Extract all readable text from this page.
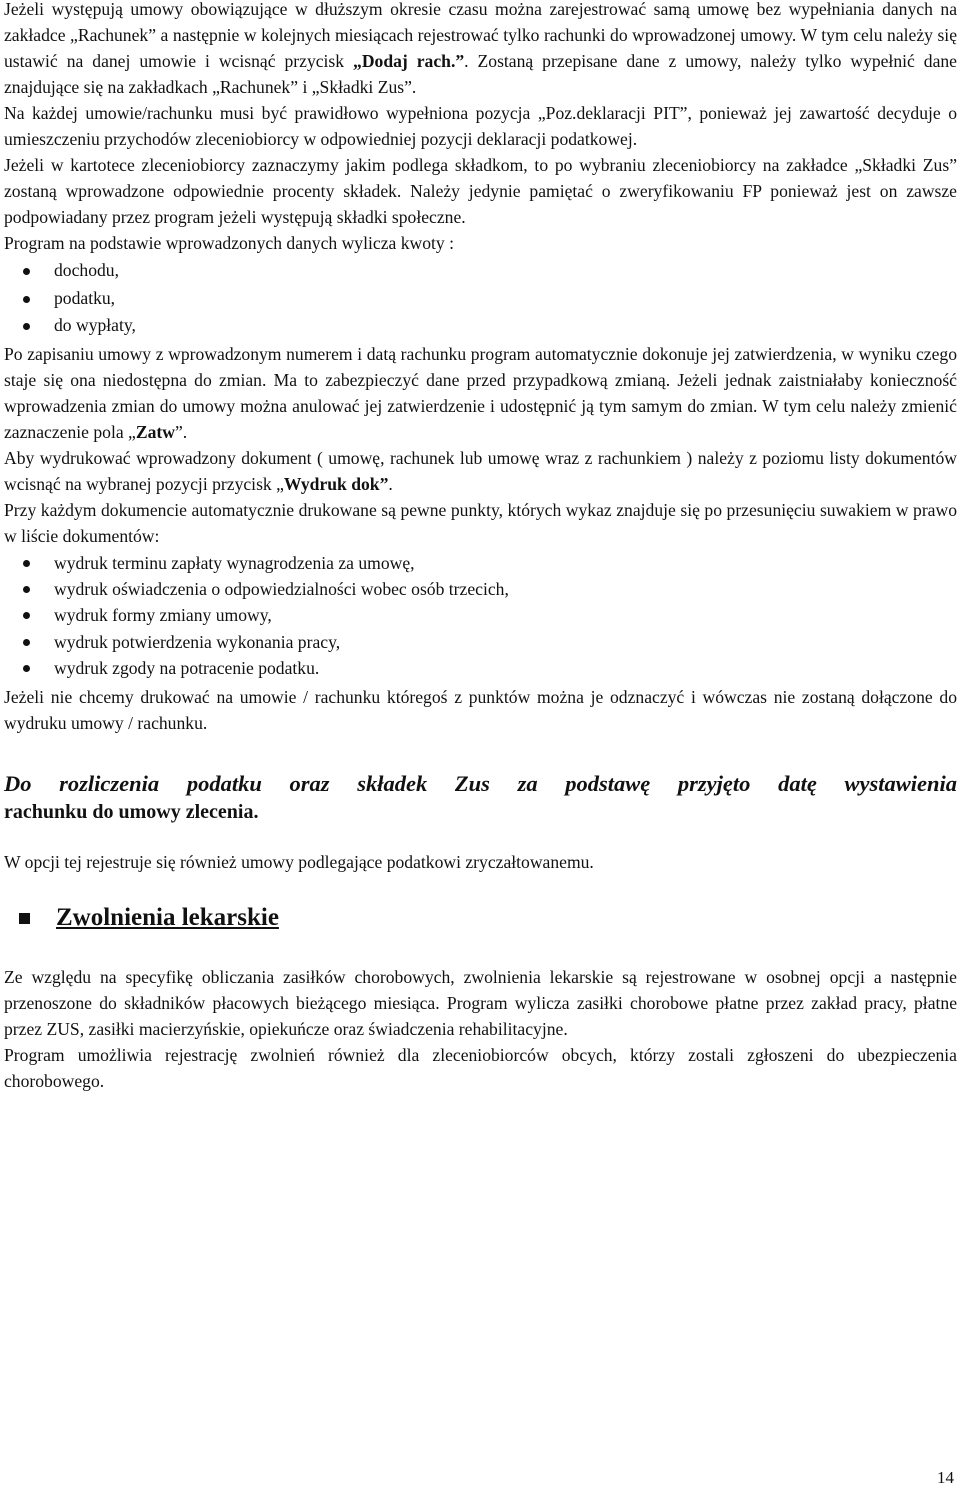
Jeżeli występują umowy obowiązujące w dłuższym okresie czasu można zarejestrować samą umowę bez wypełniania danych na zakładce „Rachunek” a następnie w kolejnych miesiącach rejestrować tylko rachunki do wprowadzonej umowy. W tym celu należy się ustawić na danej umowie i wcisnąć przycisk „Dodaj rach.”. Zostaną przepisane dane z umowy, należy tylko wypełnić dane znajdujące się na zakładkach „Rachunek” i „Składki Zus”.

Na każdej umowie/rachunku musi być prawidłowo wypełniona pozycja „Poz.deklaracji PIT”, ponieważ jej zawartość decyduje o umieszczeniu przychodów zleceniobiorcy w odpowiedniej pozycji deklaracji podatkowej.

Jeżeli w kartotece zleceniobiorcy zaznaczymy jakim podlega składkom, to po wybraniu zleceniobiorcy na zakładce „Składki Zus” zostaną wprowadzone odpowiednie procenty składek. Należy jedynie pamiętać o zweryfikowaniu FP ponieważ jest on zawsze podpowiadany przez program jeżeli występują składki społeczne.

Program na podstawie wprowadzonych danych wylicza kwoty :

dochodu,
podatku,
do wypłaty,

Po zapisaniu umowy z wprowadzonym numerem i datą rachunku program automatycznie dokonuje jej zatwierdzenia, w wyniku czego staje się ona niedostępna do zmian. Ma to zabezpieczyć dane przed przypadkową zmianą. Jeżeli jednak zaistniałaby konieczność wprowadzenia zmian do umowy można anulować jej zatwierdzenie i udostępnić ją tym samym do zmian. W tym celu należy zmienić zaznaczenie pola „Zatw”.

Aby wydrukować wprowadzony dokument ( umowę, rachunek lub umowę wraz z rachunkiem ) należy z poziomu listy dokumentów wcisnąć na wybranej pozycji przycisk „Wydruk dok”.

Przy każdym dokumencie automatycznie drukowane są pewne punkty, których wykaz znajduje się po przesunięciu suwakiem w prawo w liście dokumentów:

wydruk terminu zapłaty wynagrodzenia za umowę,
wydruk oświadczenia o odpowiedzialności wobec osób trzecich,
wydruk formy zmiany umowy,
wydruk potwierdzenia wykonania pracy,
wydruk zgody na potracenie podatku.

Jeżeli nie chcemy drukować na umowie / rachunku któregoś z punktów można je odznaczyć i wówczas nie zostaną dołączone do wydruku umowy / rachunku.

Do rozliczenia podatku oraz składek Zus za podstawę przyjęto datę wystawienia
rachunku do umowy zlecenia.

W opcji tej rejestruje się również umowy podlegające podatkowi zryczałtowanemu.

Zwolnienia lekarskie

Ze względu na specyfikę obliczania zasiłków chorobowych, zwolnienia lekarskie są rejestrowane w osobnej opcji a następnie przenoszone do składników płacowych bieżącego miesiąca. Program wylicza zasiłki chorobowe płatne przez zakład pracy, płatne przez ZUS, zasiłki macierzyńskie, opiekuńcze oraz świadczenia rehabilitacyjne.

Program umożliwia rejestrację zwolnień również dla zleceniobiorców obcych, którzy zostali zgłoszeni do ubezpieczenia chorobowego.

14
